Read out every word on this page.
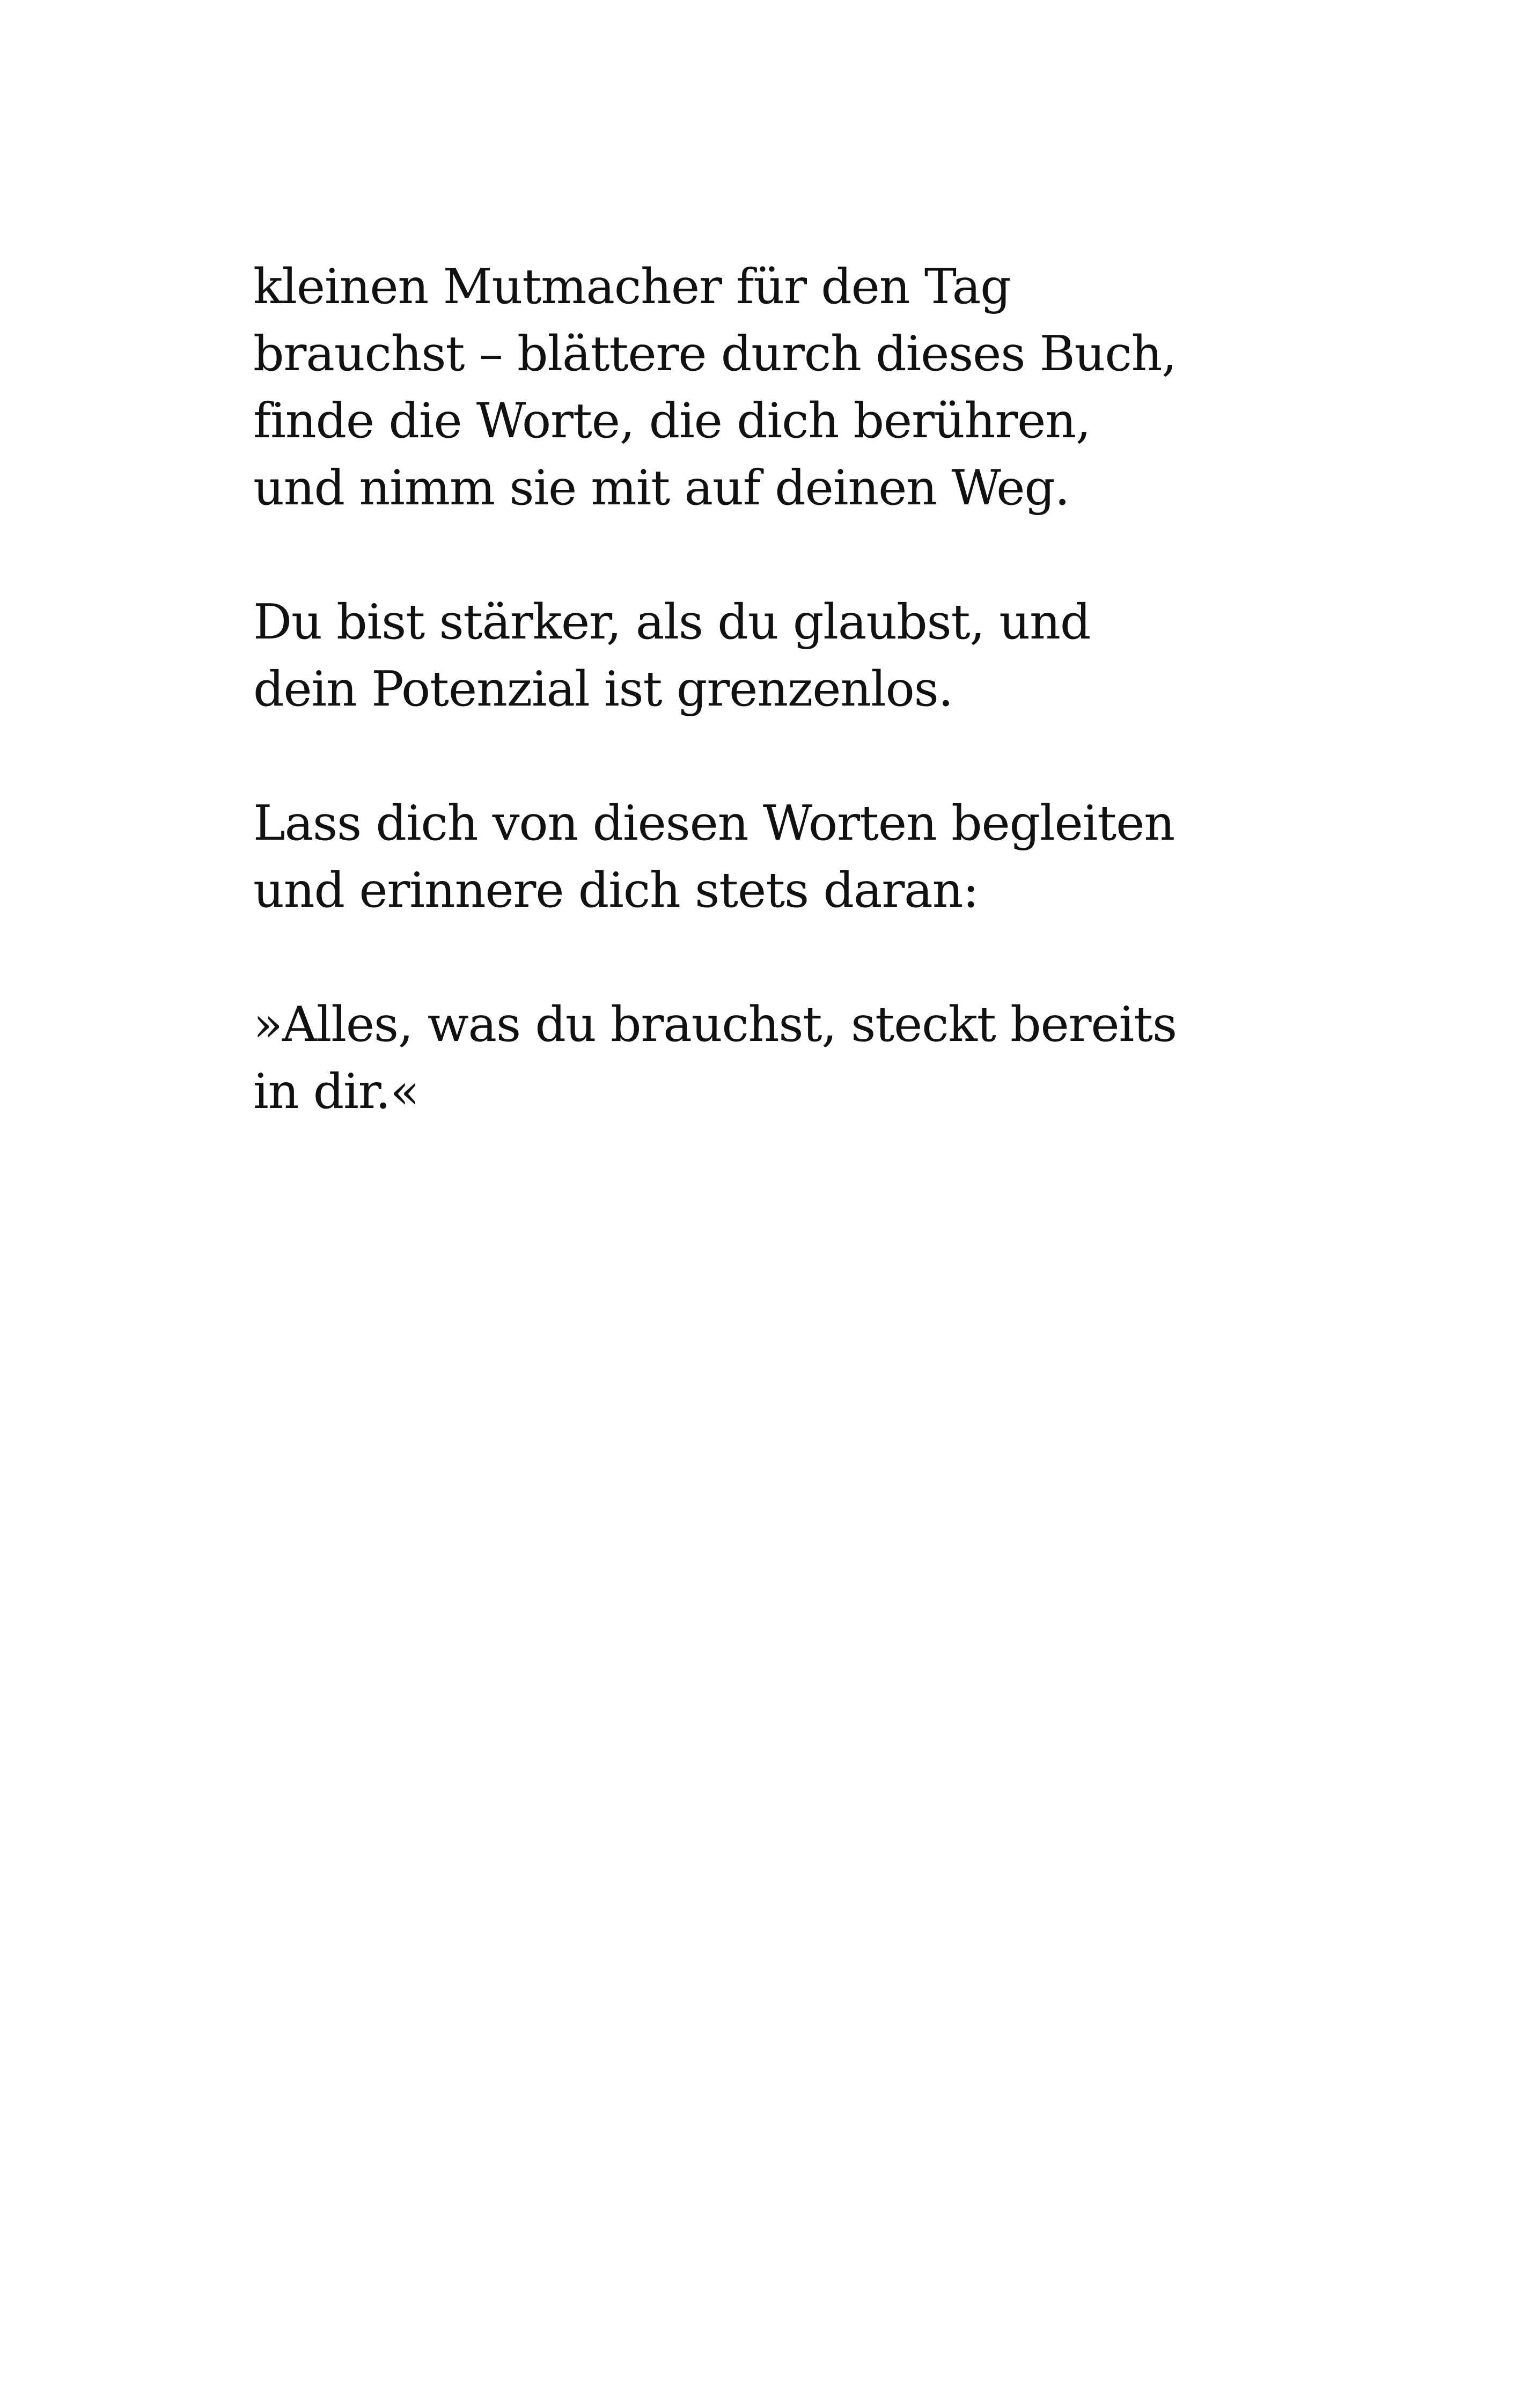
kleinen Mutmacher für den Tag
brauchst – blättere durch dieses Buch,
finde die Worte, die dich berühren,
und nimm sie mit auf deinen Weg.

Du bist stärker, als du glaubst, und
dein Potenzial ist grenzenlos.

Lass dich von diesen Worten begleiten
und erinnere dich stets daran:

»Alles, was du brauchst, steckt bereits
in dir.«
